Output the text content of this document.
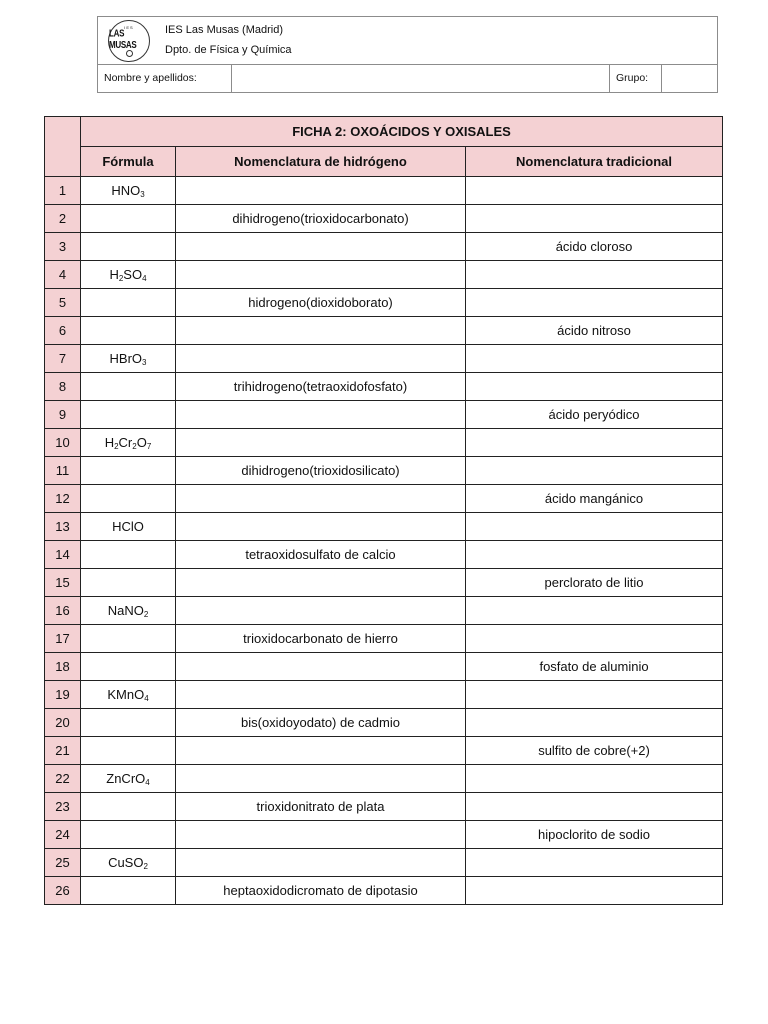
IES
LAS MUSAS
IES Las Musas (Madrid)
Dpto. de Física y Química
Nombre y apellidos:	Grupo:
	FICHA 2: OXOÁCIDOS Y OXISALES		
	Fórmula	Nomenclatura de hidrógeno	Nomenclatura tradicional
1	$HNO_3$		
2		dihidrogeno(trioxidocarbonato)	
3			ácido cloroso
4	$H_2SO_4$		
5		hidrogeno(dioxidoborato)	
6			ácido nitroso
7	HBrO$_3$		
8		trihidrogeno(tetraoxidofosfato)	
9			ácido peryódico
10	$H_2Cr_2O_7$		
11		dihidrogeno(trioxidosilicato)	
12			ácido mangánico
13	HClO		
14		tetraoxidosulfato de calcio	
15			perclorato de litio
16	NaNO$_2$		
17		trioxidocarbonato de hierro	
18			fosfato de aluminio
19	KMnO$_4$		
20		bis(oxidoyodato) de cadmio	
21			sulfito de cobre(+2)
22	ZnCrO$_4$		
23		trioxidonitrato de plata	
24			hipoclorito de sodio
25	CuSO$_2$		
26		heptaoxidodicromato de dipotasio	
